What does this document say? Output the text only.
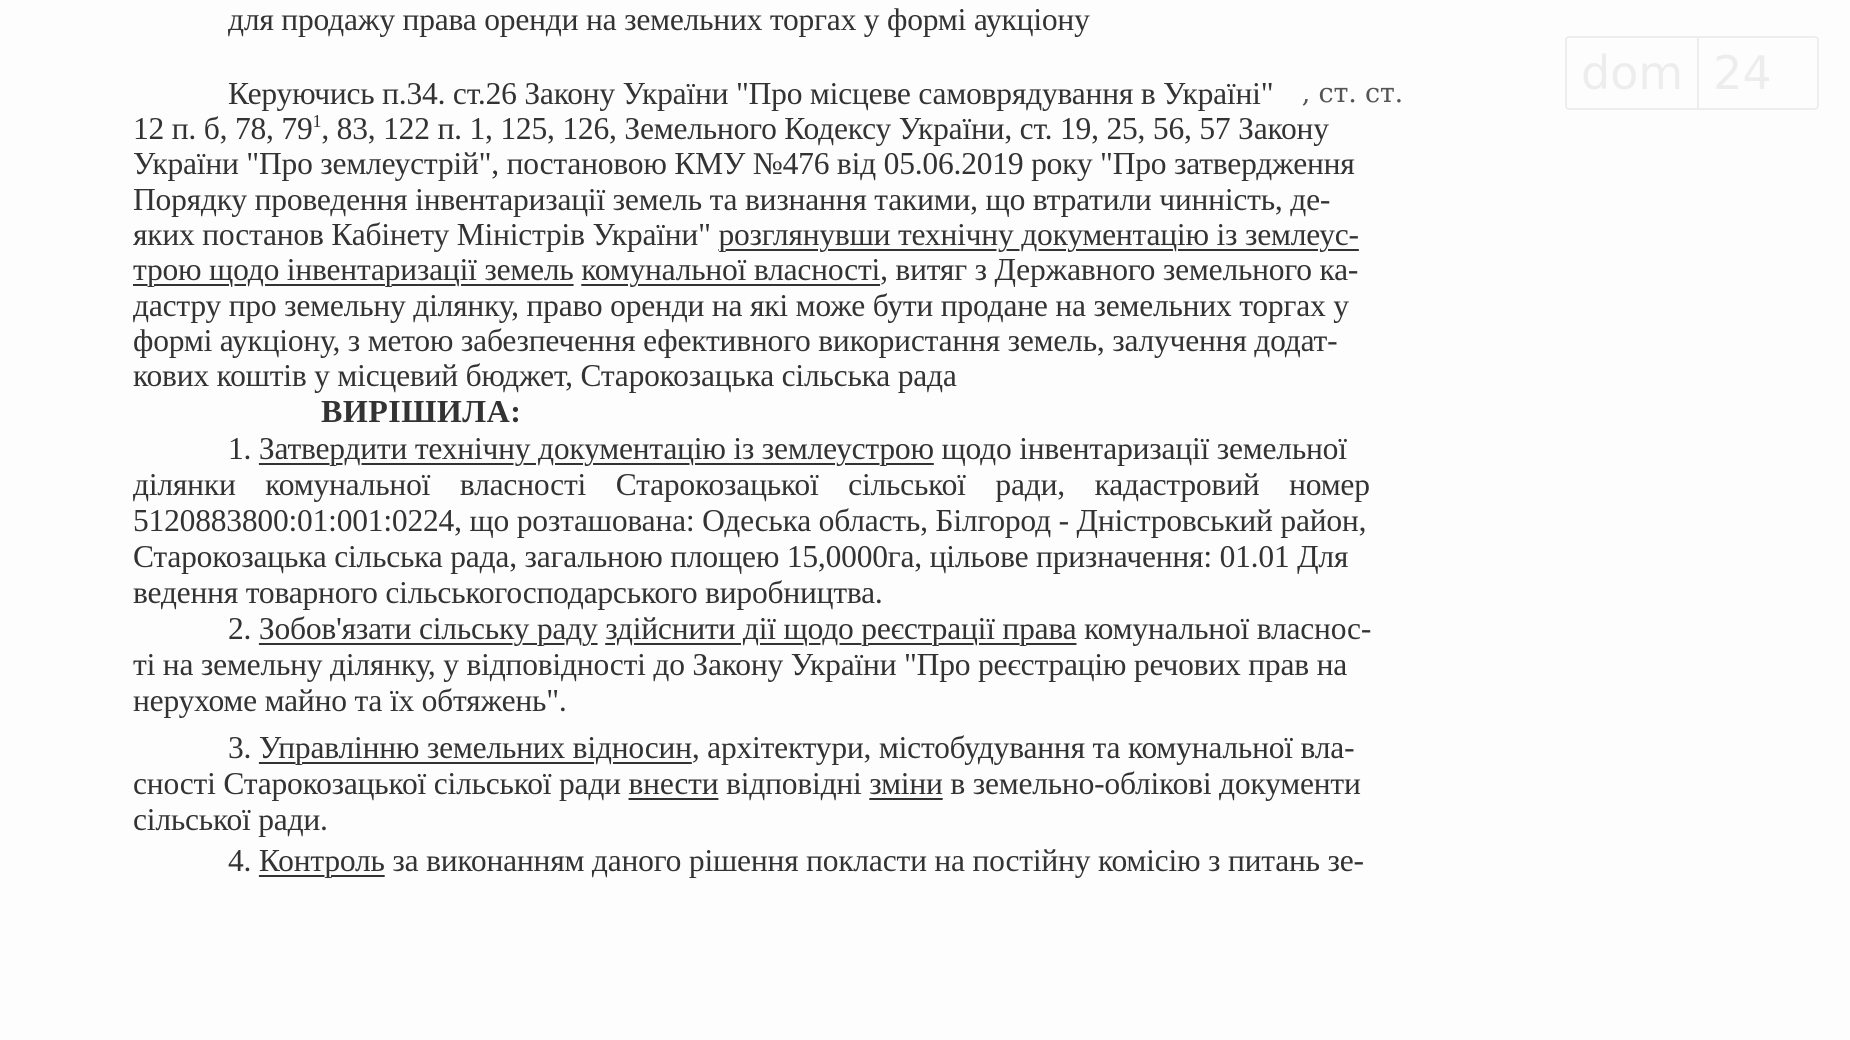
dom 24
для продажу права оренди на земельних торгах у формі аукціону
Керуючись п.34. ст.26 Закону України "Про місцеве самоврядування в Україні" , ст. ст.
12 п. б, 78, $79^1$, 83, 122 п. 1, 125, 126, Земельного Кодексу України, ст. 19, 25, 56, 57 Закону
України "Про землеустрій", постановою КМУ №476 від 05.06.2019 року "Про затвердження
Порядку проведення інвентаризації земель та визнання такими, що втратили чинність, де-
яких постанов Кабінету Міністрів України" розглянувши технічну документацію із землеус-
трою щодо інвентаризації земель комунальної власності, витяг з Державного земельного ка-
дастру про земельну ділянку, право оренди на які може бути продане на земельних торгах у
формі аукціону, з метою забезпечення ефективного використання земель, залучення додат-
кових коштів у місцевий бюджет, Старокозацька сільська рада
ВИРІШИЛА:
1. Затвердити технічну документацію із землеустрою щодо інвентаризації земельної
ділянки комунальної власності Старокозацької сільської ради, кадастровий номер
5120883800:01:001:0224, що розташована: Одеська область, Білгород - Дністровський район,
Старокозацька сільська рада, загальною площею 15,0000га, цільове призначення: 01.01 Для
ведення товарного сільськогосподарського виробництва.
2. Зобов'язати сільську раду здійснити дії щодо реєстрації права комунальної власнос-
ті на земельну ділянку, у відповідності до Закону України "Про реєстрацію речових прав на
нерухоме майно та їх обтяжень".
3. Управлінню земельних відносин, архітектури, містобудування та комунальної вла-
сності Старокозацької сільської ради внести відповідні зміни в земельно-облікові документи
сільської ради.
4. Контроль за виконанням даного рішення покласти на постійну комісію з питань зе-
